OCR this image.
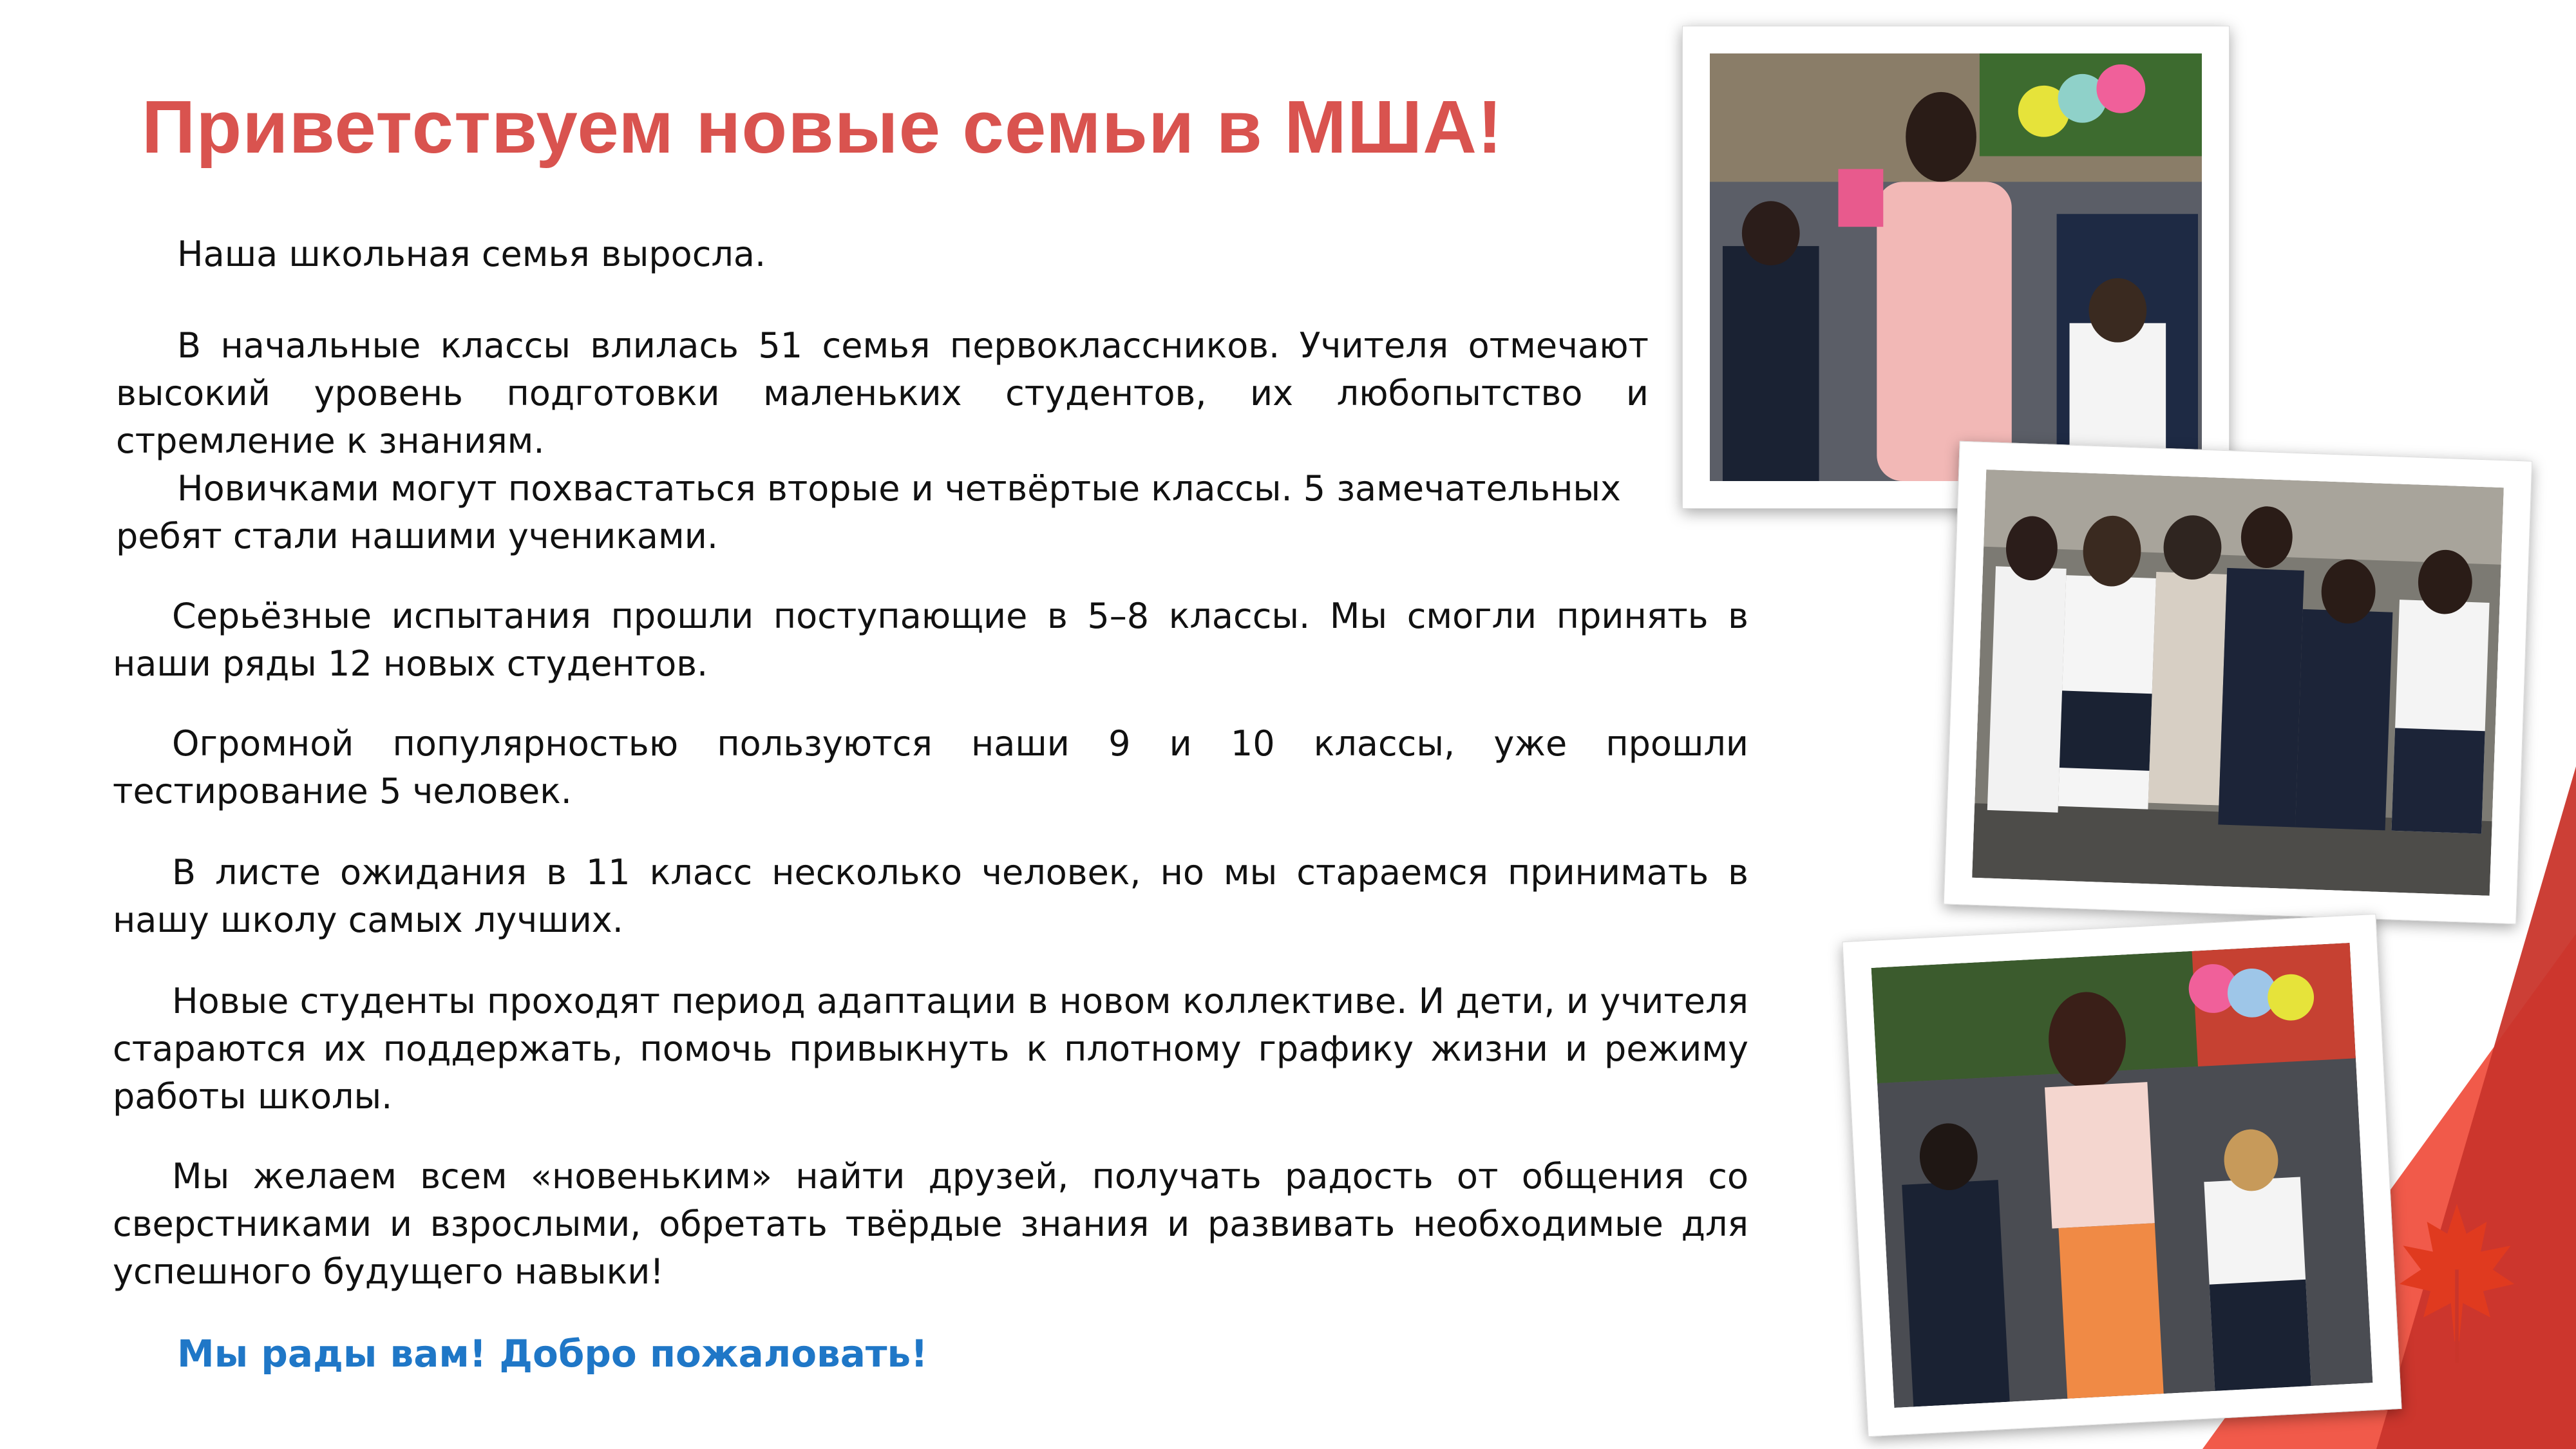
Приветствуем новые семьи в МША!

Наша школьная семья выросла.

В начальные классы влилась 51 семья первоклассников. Учителя отмечают высокий уровень подготовки маленьких студентов, их любопытство и стремление к знаниям.

Новичками могут похвастаться вторые и четвёртые классы. 5 замечательных ребят стали нашими учениками.

Серьёзные испытания прошли поступающие в 5–8 классы. Мы смогли принять в наши ряды 12 новых студентов.

Огромной популярностью пользуются наши 9 и 10 классы, уже прошли тестирование 5 человек.

В листе ожидания в 11 класс несколько человек, но мы стараемся принимать в нашу школу самых лучших.

Новые студенты проходят период адаптации в новом коллективе. И дети, и учителя стараются их поддержать, помочь привыкнуть к плотному графику жизни и режиму работы школы.

Мы желаем всем «новеньким» найти друзей, получать радость от общения со сверстниками и взрослыми, обретать твёрдые знания и развивать необходимые для успешного будущего навыки!

Мы рады вам! Добро пожаловать!
